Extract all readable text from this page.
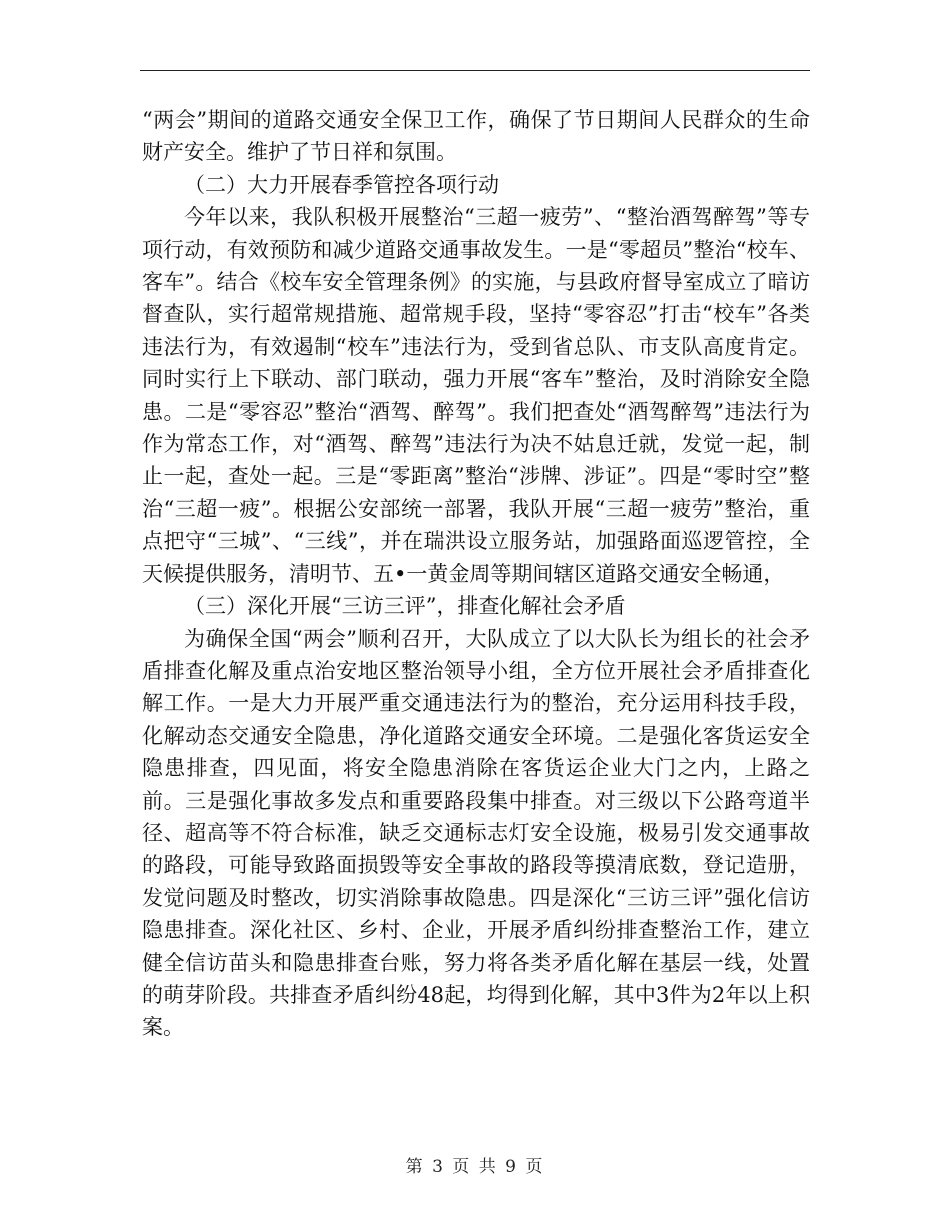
“两会”期间的道路交通安全保卫工作，确保了节日期间人民群众的生命财产安全。维护了节日祥和氛围。

（二）大力开展春季管控各项行动

今年以来，我队积极开展整治“三超一疲劳”、“整治酒驾醉驾”等专项行动，有效预防和减少道路交通事故发生。一是“零超员”整治“校车、客车”。结合《校车安全管理条例》的实施，与县政府督导室成立了暗访督查队，实行超常规措施、超常规手段，坚持“零容忍”打击“校车”各类违法行为，有效遏制“校车”违法行为，受到省总队、市支队高度肯定。同时实行上下联动、部门联动，强力开展“客车”整治，及时消除安全隐患。二是“零容忍”整治“酒驾、醉驾”。我们把查处“酒驾醉驾”违法行为作为常态工作，对“酒驾、醉驾”违法行为决不姑息迁就，发觉一起，制止一起，查处一起。三是“零距离”整治“涉牌、涉证”。四是“零时空”整治“三超一疲”。根据公安部统一部署，我队开展“三超一疲劳”整治，重点把守“三城”、“三线”，并在瑞洪设立服务站，加强路面巡逻管控，全天候提供服务，清明节、五•一黄金周等期间辖区道路交通安全畅通，

（三）深化开展“三访三评”，排查化解社会矛盾

为确保全国“两会”顺利召开，大队成立了以大队长为组长的社会矛盾排查化解及重点治安地区整治领导小组，全方位开展社会矛盾排查化解工作。一是大力开展严重交通违法行为的整治，充分运用科技手段，化解动态交通安全隐患，净化道路交通安全环境。二是强化客货运安全隐患排查，四见面，将安全隐患消除在客货运企业大门之内，上路之前。三是强化事故多发点和重要路段集中排查。对三级以下公路弯道半径、超高等不符合标准，缺乏交通标志灯安全设施，极易引发交通事故的路段，可能导致路面损毁等安全事故的路段等摸清底数，登记造册，发觉问题及时整改，切实消除事故隐患。四是深化“三访三评”强化信访隐患排查。深化社区、乡村、企业，开展矛盾纠纷排查整治工作，建立健全信访苗头和隐患排查台账，努力将各类矛盾化解在基层一线，处置的萌芽阶段。共排查矛盾纠纷48起，均得到化解，其中3件为2年以上积案。

第 3 页 共 9 页
